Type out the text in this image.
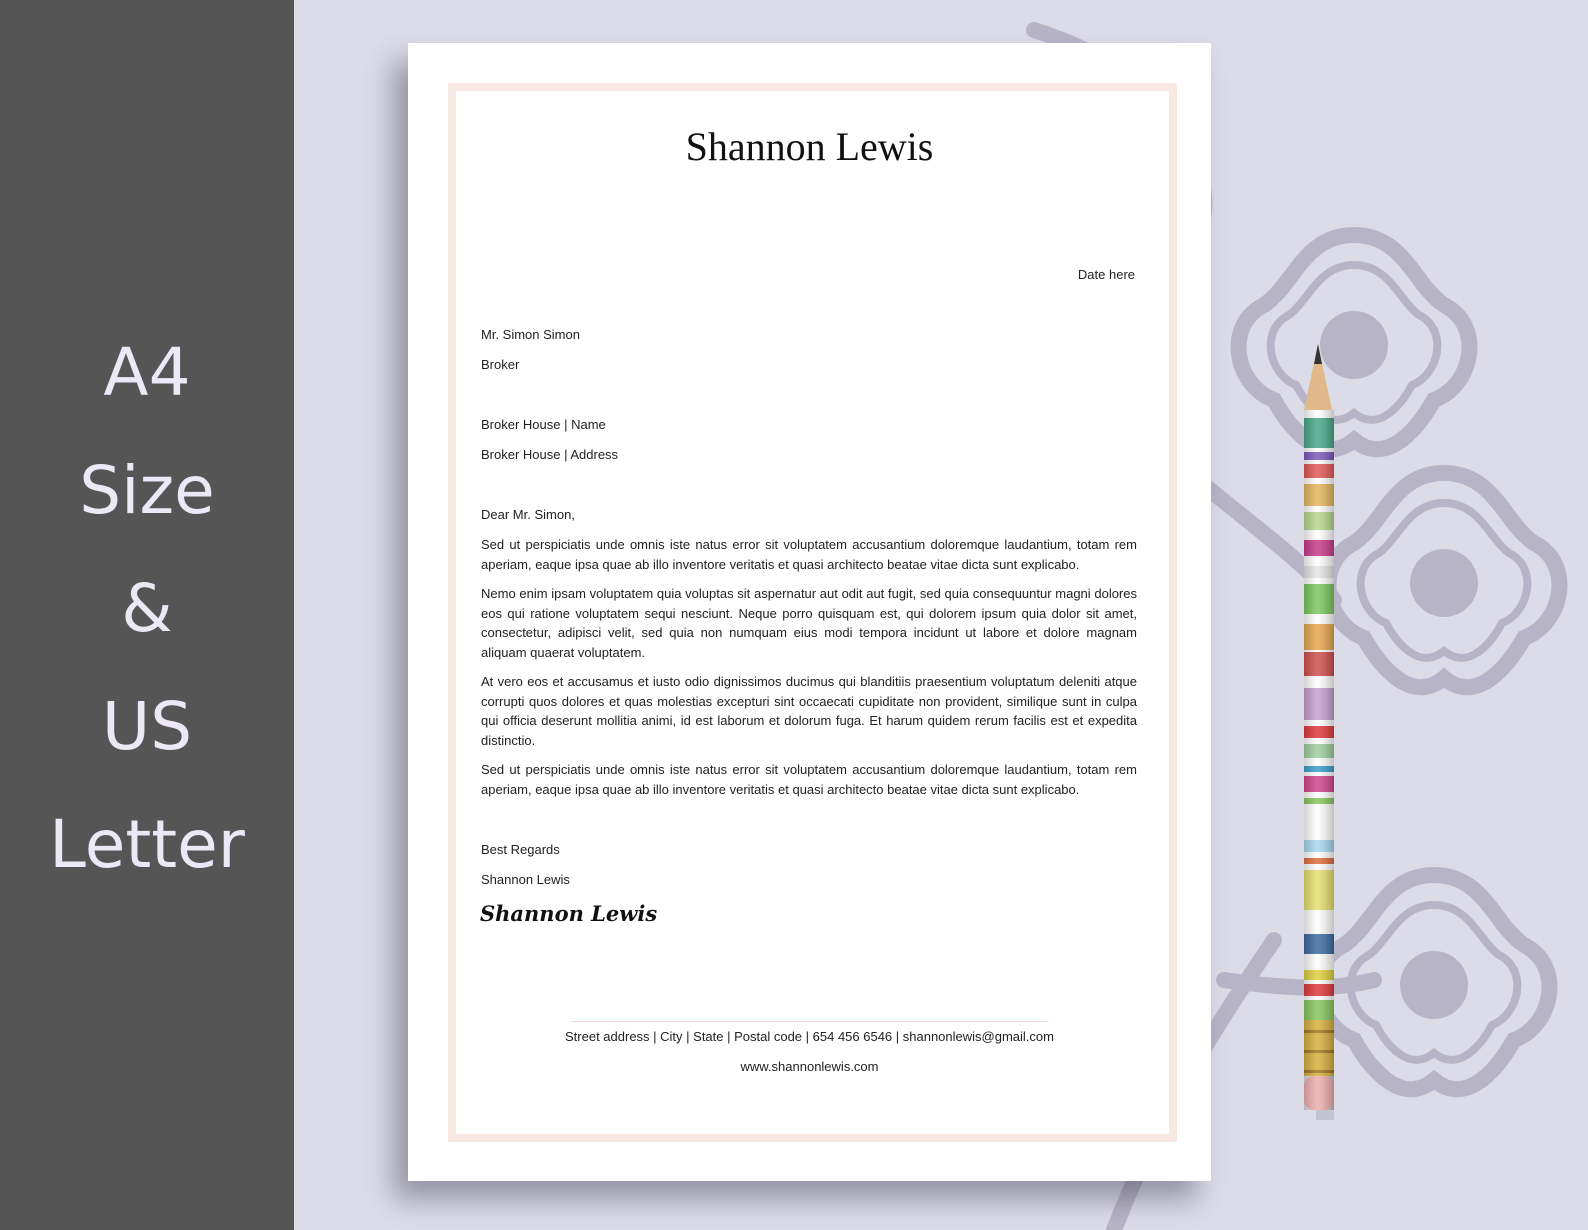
A4
Size
&
US
Letter
Shannon Lewis
Date here
Mr. Simon Simon
Broker
Broker House | Name
Broker House | Address
Dear Mr. Simon,
Sed ut perspiciatis unde omnis iste natus error sit voluptatem accusantium doloremque laudantium, totam rem aperiam, eaque ipsa quae ab illo inventore veritatis et quasi architecto beatae vitae dicta sunt explicabo.
Nemo enim ipsam voluptatem quia voluptas sit aspernatur aut odit aut fugit, sed quia consequuntur magni dolores eos qui ratione voluptatem sequi nesciunt. Neque porro quisquam est, qui dolorem ipsum quia dolor sit amet, consectetur, adipisci velit, sed quia non numquam eius modi tempora incidunt ut labore et dolore magnam aliquam quaerat voluptatem.
At vero eos et accusamus et iusto odio dignissimos ducimus qui blanditiis praesentium voluptatum deleniti atque corrupti quos dolores et quas molestias excepturi sint occaecati cupiditate non provident, similique sunt in culpa qui officia deserunt mollitia animi, id est laborum et dolorum fuga. Et harum quidem rerum facilis est et expedita distinctio.
Sed ut perspiciatis unde omnis iste natus error sit voluptatem accusantium doloremque laudantium, totam rem aperiam, eaque ipsa quae ab illo inventore veritatis et quasi architecto beatae vitae dicta sunt explicabo.
Best Regards
Shannon Lewis
Shannon Lewis
Street address | City | State | Postal code | 654 456 6546 | shannonlewis@gmail.com
www.shannonlewis.com
